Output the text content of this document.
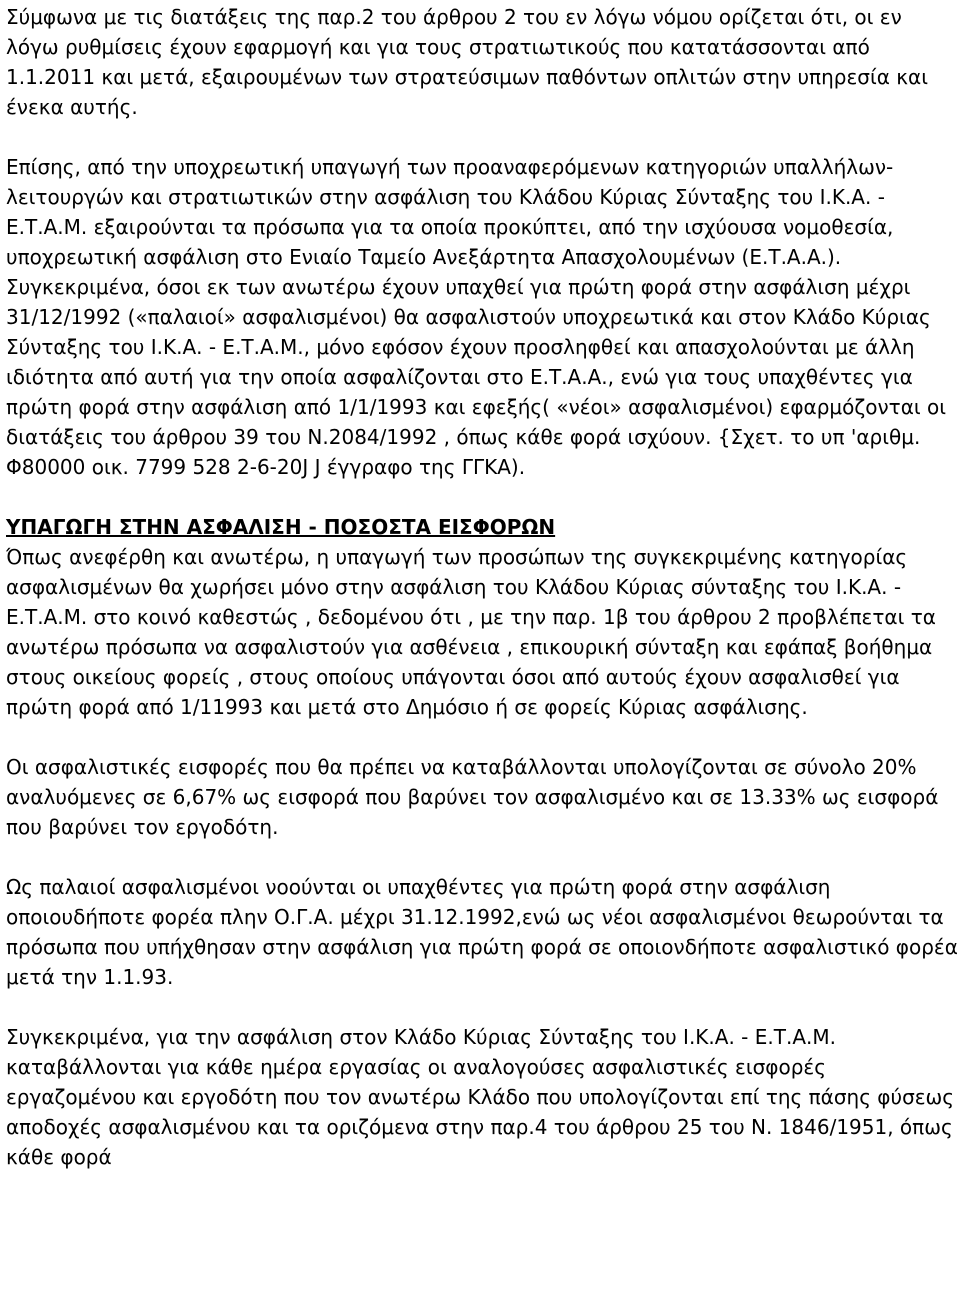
Σύμφωνα με τις διατάξεις της παρ.2 του άρθρου 2 του εν λόγω νόμου ορίζεται ότι, οι εν λόγω ρυθμίσεις έχουν εφαρμογή και για τους στρατιωτικούς που κατατάσσονται από 1.1.2011 και μετά, εξαιρουμένων των στρατεύσιμων παθόντων οπλιτών στην υπηρεσία και ένεκα αυτής.

Επίσης, από την υποχρεωτική υπαγωγή των προαναφερόμενων κατηγοριών υπαλλήλων- λειτουργών και στρατιωτικών στην ασφάλιση του Κλάδου Κύριας Σύνταξης του Ι.Κ.Α. - Ε.Τ.Α.Μ. εξαιρούνται τα πρόσωπα για τα οποία προκύπτει, από την ισχύουσα νομοθεσία, υποχρεωτική ασφάλιση στο Ενιαίο Ταμείο Ανεξάρτητα Απασχολουμένων (Ε.Τ.Α.Α.).

Συγκεκριμένα, όσοι εκ των ανωτέρω έχουν υπαχθεί για πρώτη φορά στην ασφάλιση μέχρι 31/12/1992 («παλαιοί» ασφαλισμένοι) θα ασφαλιστούν υποχρεωτικά και στον Κλάδο Κύριας Σύνταξης του Ι.Κ.Α. - Ε.Τ.Α.Μ., μόνο εφόσον έχουν προσληφθεί και απασχολούνται με άλλη ιδιότητα από αυτή για την οποία ασφαλίζονται στο Ε.Τ.Α.Α., ενώ για τους υπαχθέντες για πρώτη φορά στην ασφάλιση από 1/1/1993 και εφεξής( «νέοι» ασφαλισμένοι) εφαρμόζονται οι διατάξεις του άρθρου 39 του Ν.2084/1992 , όπως κάθε φορά ισχύουν. {Σχετ. το υπ 'αριθμ. Φ80000 οικ. 7799 528 2-6-20J J έγγραφο της ΓΓΚΑ).

ΥΠΑΓΩΓΗ ΣΤΗΝ ΑΣΦΑΛΙΣΗ - ΠΟΣΟΣΤΑ ΕΙΣΦΟΡΩΝ

Όπως ανεφέρθη και ανωτέρω, η υπαγωγή των προσώπων της συγκεκριμένης κατηγορίας ασφαλισμένων θα χωρήσει μόνο στην ασφάλιση του Κλάδου Κύριας σύνταξης του Ι.Κ.Α. - Ε.Τ.Α.Μ. στο κοινό καθεστώς , δεδομένου ότι , με την παρ. 1β του άρθρου 2 προβλέπεται τα ανωτέρω πρόσωπα να ασφαλιστούν για ασθένεια , επικουρική σύνταξη και εφάπαξ βοήθημα στους οικείους φορείς , στους οποίους υπάγονται όσοι από αυτούς έχουν ασφαλισθεί για πρώτη φορά από 1/11993 και μετά στο Δημόσιο ή σε φορείς Κύριας ασφάλισης.

Οι ασφαλιστικές εισφορές που θα πρέπει να καταβάλλονται υπολογίζονται σε σύνολο 20% αναλυόμενες σε 6,67% ως εισφορά που βαρύνει τον ασφαλισμένο και σε 13.33% ως εισφορά που βαρύνει τον εργοδότη.

Ως παλαιοί ασφαλισμένοι νοούνται οι υπαχθέντες για πρώτη φορά στην ασφάλιση οποιουδήποτε φορέα πλην Ο.Γ.Α. μέχρι 31.12.1992,ενώ ως νέοι ασφαλισμένοι θεωρούνται τα πρόσωπα που υπήχθησαν στην ασφάλιση για πρώτη φορά σε οποιονδήποτε ασφαλιστικό φορέα μετά την 1.1.93.

Συγκεκριμένα, για την ασφάλιση στον Κλάδο Κύριας Σύνταξης του Ι.Κ.Α. - Ε.Τ.Α.Μ. καταβάλλονται για κάθε ημέρα εργασίας οι αναλογούσες ασφαλιστικές εισφορές εργαζομένου και εργοδότη που τον ανωτέρω Κλάδο που υπολογίζονται επί της πάσης φύσεως αποδοχές ασφαλισμένου και τα οριζόμενα στην παρ.4 του άρθρου 25 του Ν. 1846/1951, όπως κάθε φορά
